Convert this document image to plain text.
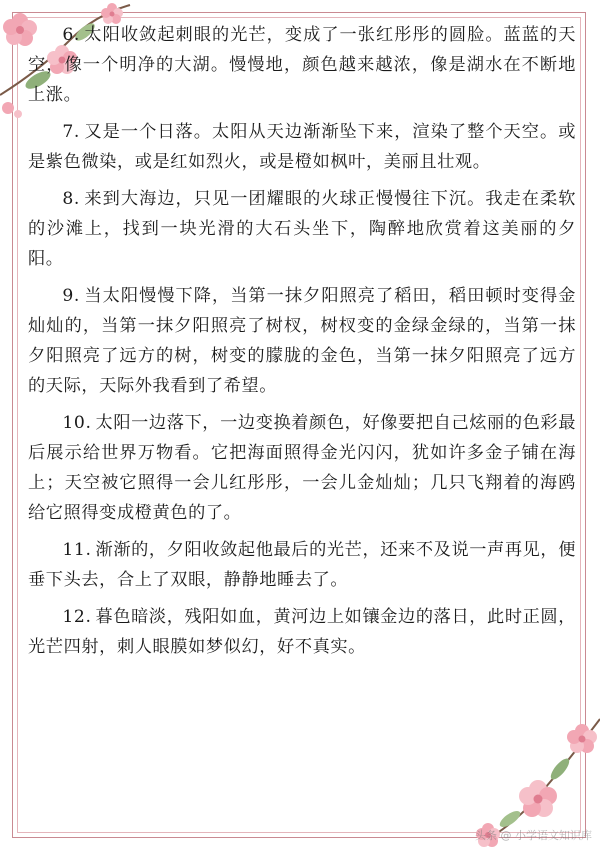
6. 太阳收敛起刺眼的光芒，变成了一张红彤彤的圆脸。蓝蓝的天空，像一个明净的大湖。慢慢地，颜色越来越浓，像是湖水在不断地上涨。

7. 又是一个日落。太阳从天边渐渐坠下来，渲染了整个天空。或是紫色微染，或是红如烈火，或是橙如枫叶，美丽且壮观。

8. 来到大海边，只见一团耀眼的火球正慢慢往下沉。我走在柔软的沙滩上，找到一块光滑的大石头坐下，陶醉地欣赏着这美丽的夕阳。

9. 当太阳慢慢下降，当第一抹夕阳照亮了稻田，稻田顿时变得金灿灿的，当第一抹夕阳照亮了树杈，树杈变的金绿金绿的，当第一抹夕阳照亮了远方的树，树变的朦胧的金色，当第一抹夕阳照亮了远方的天际，天际外我看到了希望。

10. 太阳一边落下，一边变换着颜色，好像要把自己炫丽的色彩最后展示给世界万物看。它把海面照得金光闪闪，犹如许多金子铺在海上；天空被它照得一会儿红彤彤，一会儿金灿灿；几只飞翔着的海鸥给它照得变成橙黄色的了。

11. 渐渐的，夕阳收敛起他最后的光芒，还来不及说一声再见，便垂下头去，合上了双眼，静静地睡去了。

12. 暮色暗淡，残阳如血，黄河边上如镶金边的落日，此时正圆，光芒四射，刺人眼膜如梦似幻，好不真实。

头条 @ 小学语文知识库
